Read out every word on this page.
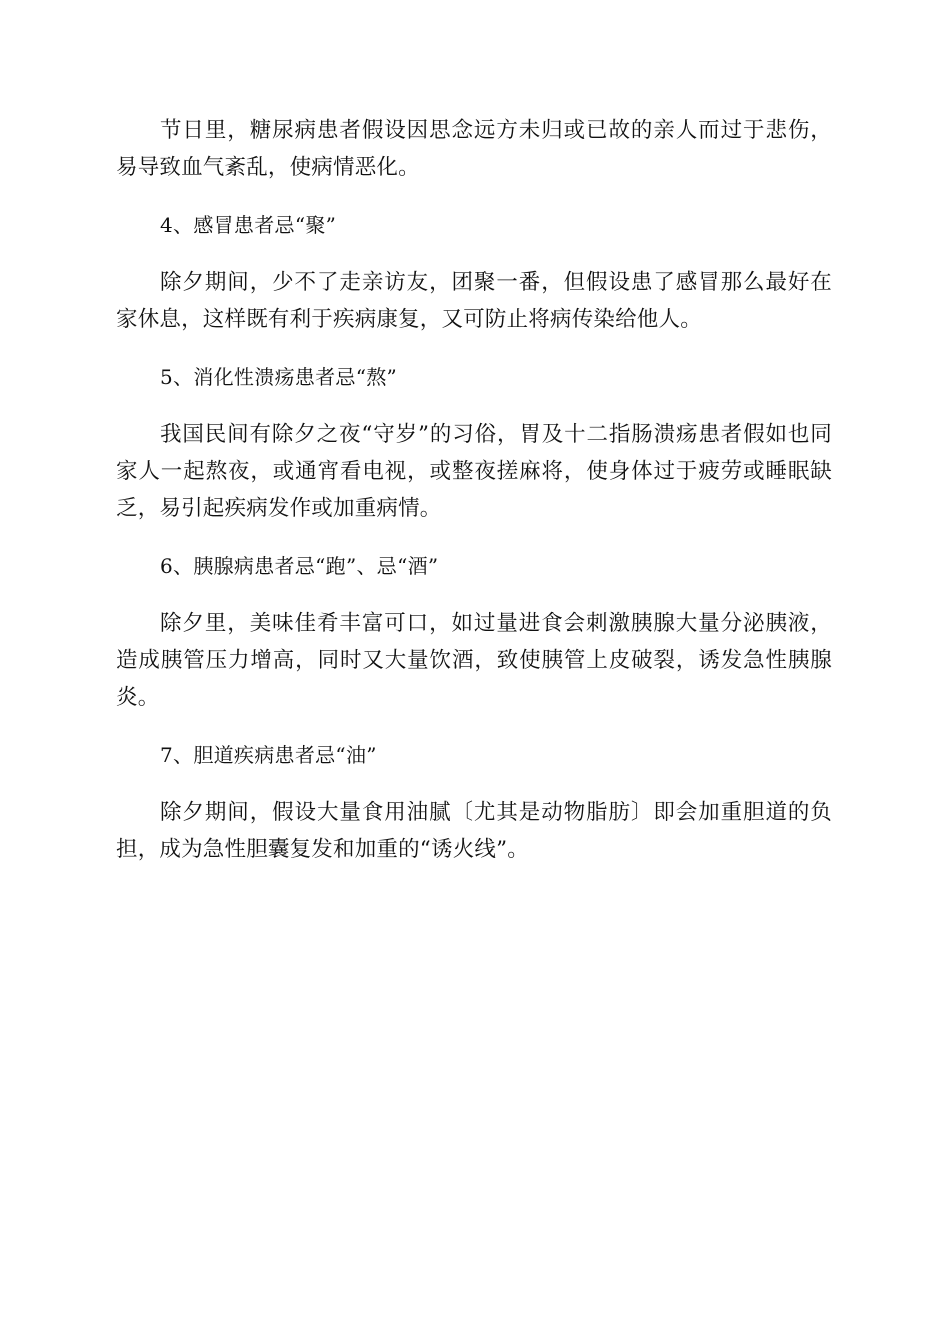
节日里，糖尿病患者假设因思念远方未归或已故的亲人而过于悲伤，易导致血气紊乱，使病情恶化。

4、感冒患者忌“聚”

除夕期间，少不了走亲访友，团聚一番，但假设患了感冒那么最好在家休息，这样既有利于疾病康复，又可防止将病传染给他人。

5、消化性溃疡患者忌“熬”

我国民间有除夕之夜“守岁”的习俗，胃及十二指肠溃疡患者假如也同家人一起熬夜，或通宵看电视，或整夜搓麻将，使身体过于疲劳或睡眠缺乏，易引起疾病发作或加重病情。

6、胰腺病患者忌“跑”、忌“酒”

除夕里，美味佳肴丰富可口，如过量进食会刺激胰腺大量分泌胰液，造成胰管压力增高，同时又大量饮酒，致使胰管上皮破裂，诱发急性胰腺炎。

7、胆道疾病患者忌“油”

除夕期间，假设大量食用油腻〔尤其是动物脂肪〕即会加重胆道的负担，成为急性胆囊复发和加重的“诱火线”。
